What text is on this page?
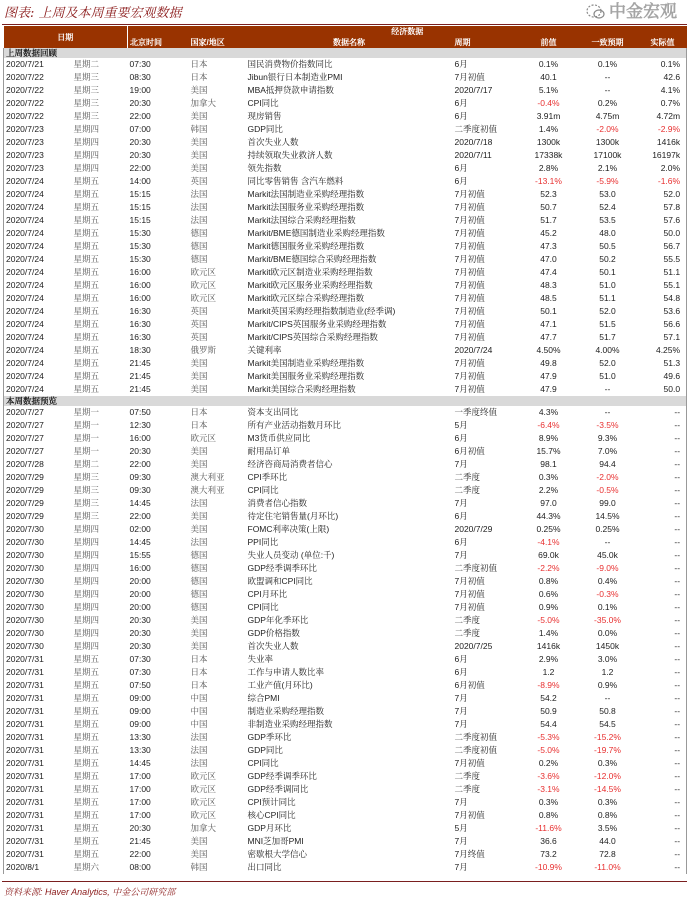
图表: 上周及本周重要宏观数据	中金宏观
日期		经济数据						
		北京时间	国家/地区	数据名称	周期	前值	一致预期	实际值
上周数据回顾								
2020/7/21	星期二	07:30	日本	国民消费物价指数同比	6月	0.1%	0.1%	0.1%
2020/7/22	星期三	08:30	日本	Jibun银行日本制造业PMI	7月初值	40.1	--	42.6
2020/7/22	星期三	19:00	美国	MBA抵押贷款申请指数	2020/7/17	5.1%	--	4.1%
2020/7/22	星期三	20:30	加拿大	CPI同比	6月	-0.4%	0.2%	0.7%
2020/7/22	星期三	22:00	美国	现房销售	6月	3.91m	4.75m	4.72m
2020/7/23	星期四	07:00	韩国	GDP同比	二季度初值	1.4%	-2.0%	-2.9%
2020/7/23	星期四	20:30	美国	首次失业人数	2020/7/18	1300k	1300k	1416k
2020/7/23	星期四	20:30	美国	持续领取失业救济人数	2020/7/11	17338k	17100k	16197k
2020/7/23	星期四	22:00	美国	领先指数	6月	2.8%	2.1%	2.0%
2020/7/24	星期五	14:00	英国	同比零售销售 含汽车燃料	6月	-13.1%	-5.9%	-1.6%
2020/7/24	星期五	15:15	法国	Markit法国制造业采购经理指数	7月初值	52.3	53.0	52.0
2020/7/24	星期五	15:15	法国	Markit法国服务业采购经理指数	7月初值	50.7	52.4	57.8
2020/7/24	星期五	15:15	法国	Markit法国综合采购经理指数	7月初值	51.7	53.5	57.6
2020/7/24	星期五	15:30	德国	Markit/BME德国制造业采购经理指数	7月初值	45.2	48.0	50.0
2020/7/24	星期五	15:30	德国	Markit德国服务业采购经理指数	7月初值	47.3	50.5	56.7
2020/7/24	星期五	15:30	德国	Markit/BME德国综合采购经理指数	7月初值	47.0	50.2	55.5
2020/7/24	星期五	16:00	欧元区	Markit欧元区制造业采购经理指数	7月初值	47.4	50.1	51.1
2020/7/24	星期五	16:00	欧元区	Markit欧元区服务业采购经理指数	7月初值	48.3	51.0	55.1
2020/7/24	星期五	16:00	欧元区	Markit欧元区综合采购经理指数	7月初值	48.5	51.1	54.8
2020/7/24	星期五	16:30	英国	Markit英国采购经理指数制造业(经季调)	7月初值	50.1	52.0	53.6
2020/7/24	星期五	16:30	英国	Markit/CIPS英国服务业采购经理指数	7月初值	47.1	51.5	56.6
2020/7/24	星期五	16:30	英国	Markit/CIPS英国综合采购经理指数	7月初值	47.7	51.7	57.1
2020/7/24	星期五	18:30	俄罗斯	关键利率	2020/7/24	4.50%	4.00%	4.25%
2020/7/24	星期五	21:45	美国	Markit美国制造业采购经理指数	7月初值	49.8	52.0	51.3
2020/7/24	星期五	21:45	美国	Markit美国服务业采购经理指数	7月初值	47.9	51.0	49.6
2020/7/24	星期五	21:45	美国	Markit美国综合采购经理指数	7月初值	47.9	--	50.0
本周数据预览								
2020/7/27	星期一	07:50	日本	资本支出同比	一季度终值	4.3%	--	--
2020/7/27	星期一	12:30	日本	所有产业活动指数月环比	5月	-6.4%	-3.5%	--
2020/7/27	星期一	16:00	欧元区	M3货币供应同比	6月	8.9%	9.3%	--
2020/7/27	星期一	20:30	美国	耐用品订单	6月初值	15.7%	7.0%	--
2020/7/28	星期二	22:00	美国	经济咨商局消费者信心	7月	98.1	94.4	--
2020/7/29	星期三	09:30	澳大利亚	CPI季环比	二季度	0.3%	-2.0%	--
2020/7/29	星期三	09:30	澳大利亚	CPI同比	二季度	2.2%	-0.5%	--
2020/7/29	星期三	14:45	法国	消费者信心指数	7月	97.0	99.0	--
2020/7/29	星期三	22:00	美国	待定住宅销售量(月环比)	6月	44.3%	14.5%	--
2020/7/30	星期四	02:00	美国	FOMC利率决策(上限)	2020/7/29	0.25%	0.25%	--
2020/7/30	星期四	14:45	法国	PPI同比	6月	-4.1%	--	--
2020/7/30	星期四	15:55	德国	失业人员变动 (单位:千)	7月	69.0k	45.0k	--
2020/7/30	星期四	16:00	德国	GDP经季调季环比	二季度初值	-2.2%	-9.0%	--
2020/7/30	星期四	20:00	德国	欧盟调和CPI同比	7月初值	0.8%	0.4%	--
2020/7/30	星期四	20:00	德国	CPI月环比	7月初值	0.6%	-0.3%	--
2020/7/30	星期四	20:00	德国	CPI同比	7月初值	0.9%	0.1%	--
2020/7/30	星期四	20:30	美国	GDP年化季环比	二季度	-5.0%	-35.0%	--
2020/7/30	星期四	20:30	美国	GDP价格指数	二季度	1.4%	0.0%	--
2020/7/30	星期四	20:30	美国	首次失业人数	2020/7/25	1416k	1450k	--
2020/7/31	星期五	07:30	日本	失业率	6月	2.9%	3.0%	--
2020/7/31	星期五	07:30	日本	工作与申请人数比率	6月	1.2	1.2	--
2020/7/31	星期五	07:50	日本	工业产值(月环比)	6月初值	-8.9%	0.9%	--
2020/7/31	星期五	09:00	中国	综合PMI	7月	54.2	--	--
2020/7/31	星期五	09:00	中国	制造业采购经理指数	7月	50.9	50.8	--
2020/7/31	星期五	09:00	中国	非制造业采购经理指数	7月	54.4	54.5	--
2020/7/31	星期五	13:30	法国	GDP季环比	二季度初值	-5.3%	-15.2%	--
2020/7/31	星期五	13:30	法国	GDP同比	二季度初值	-5.0%	-19.7%	--
2020/7/31	星期五	14:45	法国	CPI同比	7月初值	0.2%	0.3%	--
2020/7/31	星期五	17:00	欧元区	GDP经季调季环比	二季度	-3.6%	-12.0%	--
2020/7/31	星期五	17:00	欧元区	GDP经季调同比	二季度	-3.1%	-14.5%	--
2020/7/31	星期五	17:00	欧元区	CPI预计同比	7月	0.3%	0.3%	--
2020/7/31	星期五	17:00	欧元区	核心CPI同比	7月初值	0.8%	0.8%	--
2020/7/31	星期五	20:30	加拿大	GDP月环比	5月	-11.6%	3.5%	--
2020/7/31	星期五	21:45	美国	MNI芝加哥PMI	7月	36.6	44.0	--
2020/7/31	星期五	22:00	美国	密歇根大学信心	7月终值	73.2	72.8	--
2020/8/1	星期六	08:00	韩国	出口同比	7月	-10.9%	-11.0%	--
资料来源: Haver Analytics, 中金公司研究部
